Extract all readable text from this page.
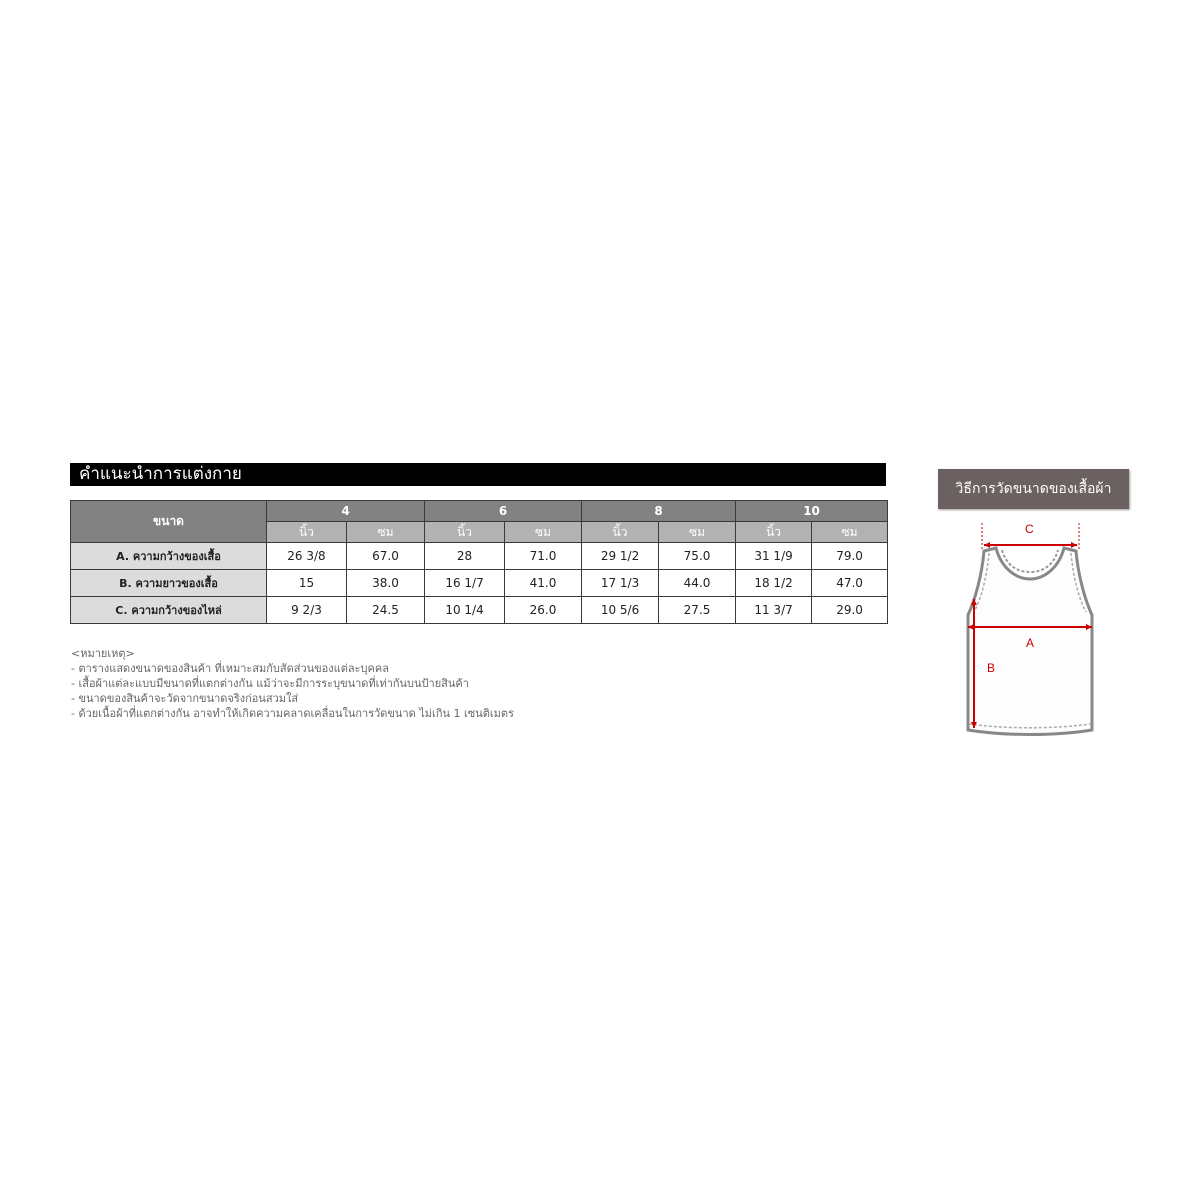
คำแนะนำการแต่งกาย
ขนาด	4		6		8		10	
	นิ้ว	ซม	นิ้ว	ซม	นิ้ว	ซม	นิ้ว	ซม
A. ความกว้างของเสื้อ	26 3/8	67.0	28	71.0	29 1/2	75.0	31 1/9	79.0
B. ความยาวของเสื้อ	15	38.0	16 1/7	41.0	17 1/3	44.0	18 1/2	47.0
C. ความกว้างของไหล่	9 2/3	24.5	10 1/4	26.0	10 5/6	27.5	11 3/7	29.0
<หมายเหตุ>
- ตารางแสดงขนาดของสินค้า ที่เหมาะสมกับสัดส่วนของแต่ละบุคคล
- เสื้อผ้าแต่ละแบบมีขนาดที่แตกต่างกัน แม้ว่าจะมีการระบุขนาดที่เท่ากันบนป้ายสินค้า
- ขนาดของสินค้าจะวัดจากขนาดจริงก่อนสวมใส่
- ด้วยเนื้อผ้าที่แตกต่างกัน อาจทำให้เกิดความคลาดเคลื่อนในการวัดขนาด ไม่เกิน 1 เซนติเมตร
วิธีการวัดขนาดของเสื้อผ้า
C
A
B
